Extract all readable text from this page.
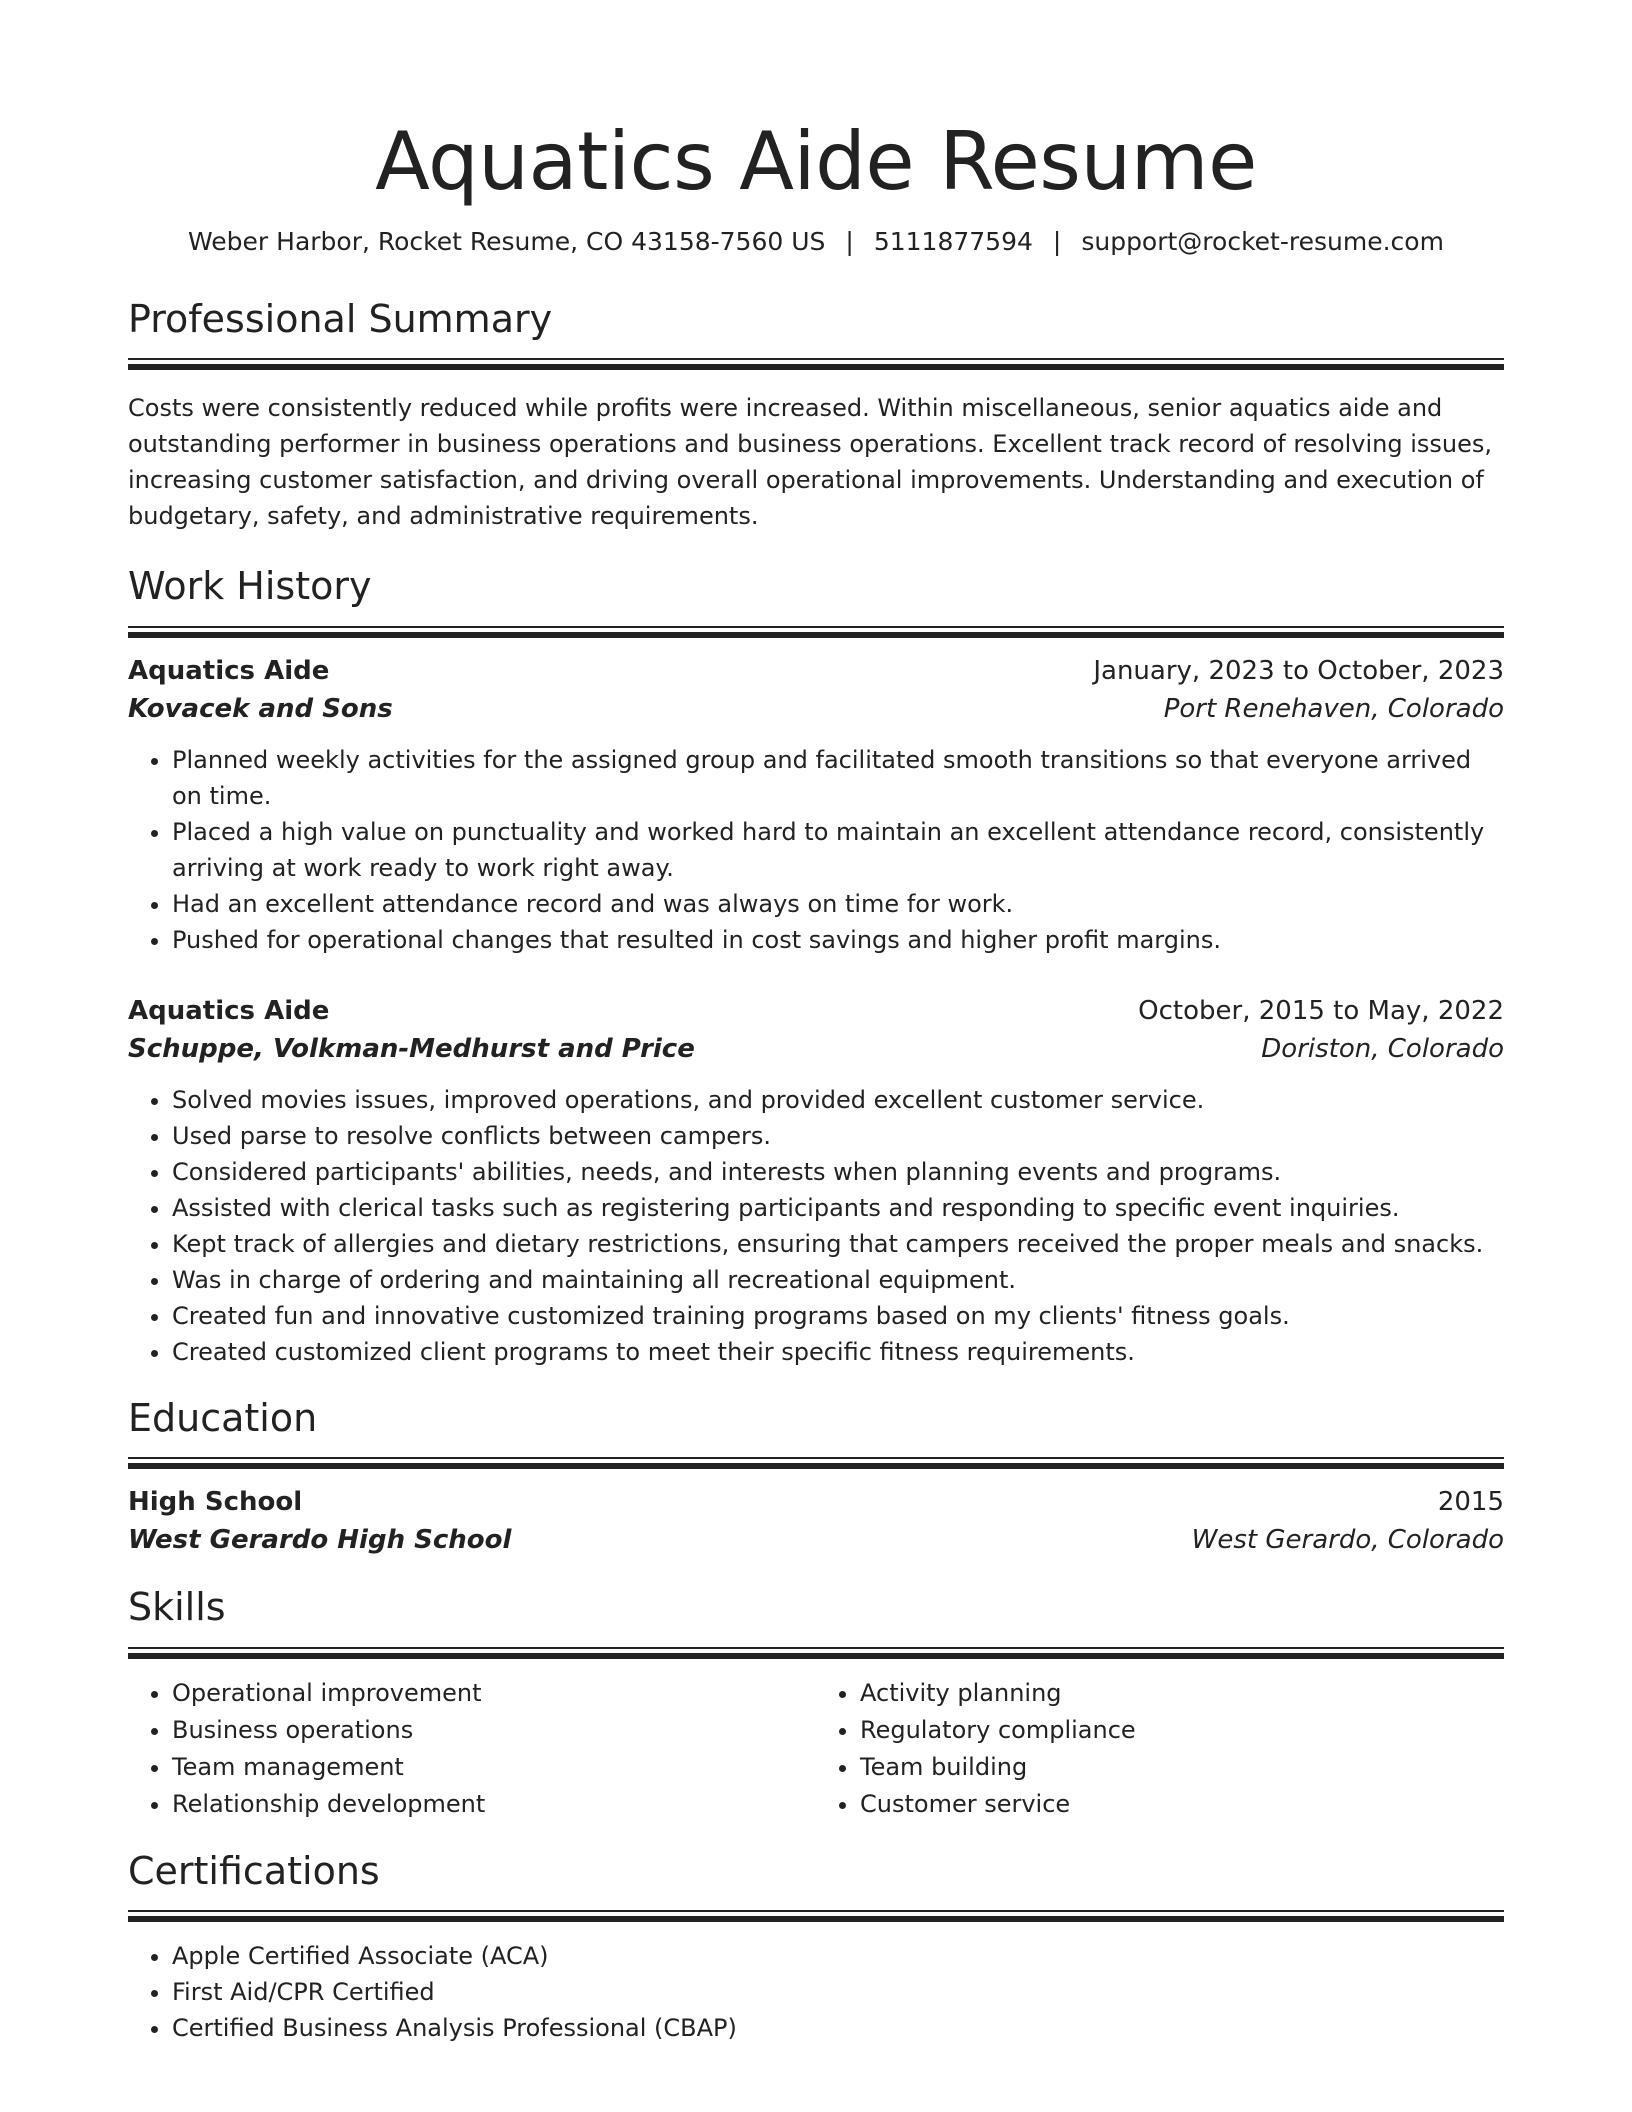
Aquatics Aide Resume
Weber Harbor, Rocket Resume, CO 43158-7560 US | 5111877594 | support@rocket-resume.com
Professional Summary

Costs were consistently reduced while profits were increased. Within miscellaneous, senior aquatics aide and outstanding performer in business operations and business operations. Excellent track record of resolving issues, increasing customer satisfaction, and driving overall operational improvements. Understanding and execution of budgetary, safety, and administrative requirements.

Work History
Aquatics Aide	January, 2023 to October, 2023
Kovacek and Sons	Port Renehaven, Colorado
• Planned weekly activities for the assigned group and facilitated smooth transitions so that everyone arrived on time.
• Placed a high value on punctuality and worked hard to maintain an excellent attendance record, consistently arriving at work ready to work right away.
• Had an excellent attendance record and was always on time for work.
• Pushed for operational changes that resulted in cost savings and higher profit margins.
Aquatics Aide	October, 2015 to May, 2022
Schuppe, Volkman-Medhurst and Price	Doriston, Colorado
• Solved movies issues, improved operations, and provided excellent customer service.
• Used parse to resolve conflicts between campers.
• Considered participants' abilities, needs, and interests when planning events and programs.
• Assisted with clerical tasks such as registering participants and responding to specific event inquiries.
• Kept track of allergies and dietary restrictions, ensuring that campers received the proper meals and snacks.
• Was in charge of ordering and maintaining all recreational equipment.
• Created fun and innovative customized training programs based on my clients' fitness goals.
• Created customized client programs to meet their specific fitness requirements.
Education
High School	2015
West Gerardo High School	West Gerardo, Colorado
Skills
• Operational improvement
• Business operations
• Team management
• Relationship development
• Activity planning
• Regulatory compliance
• Team building
• Customer service
Certifications
• Apple Certified Associate (ACA)
• First Aid/CPR Certified
• Certified Business Analysis Professional (CBAP)
